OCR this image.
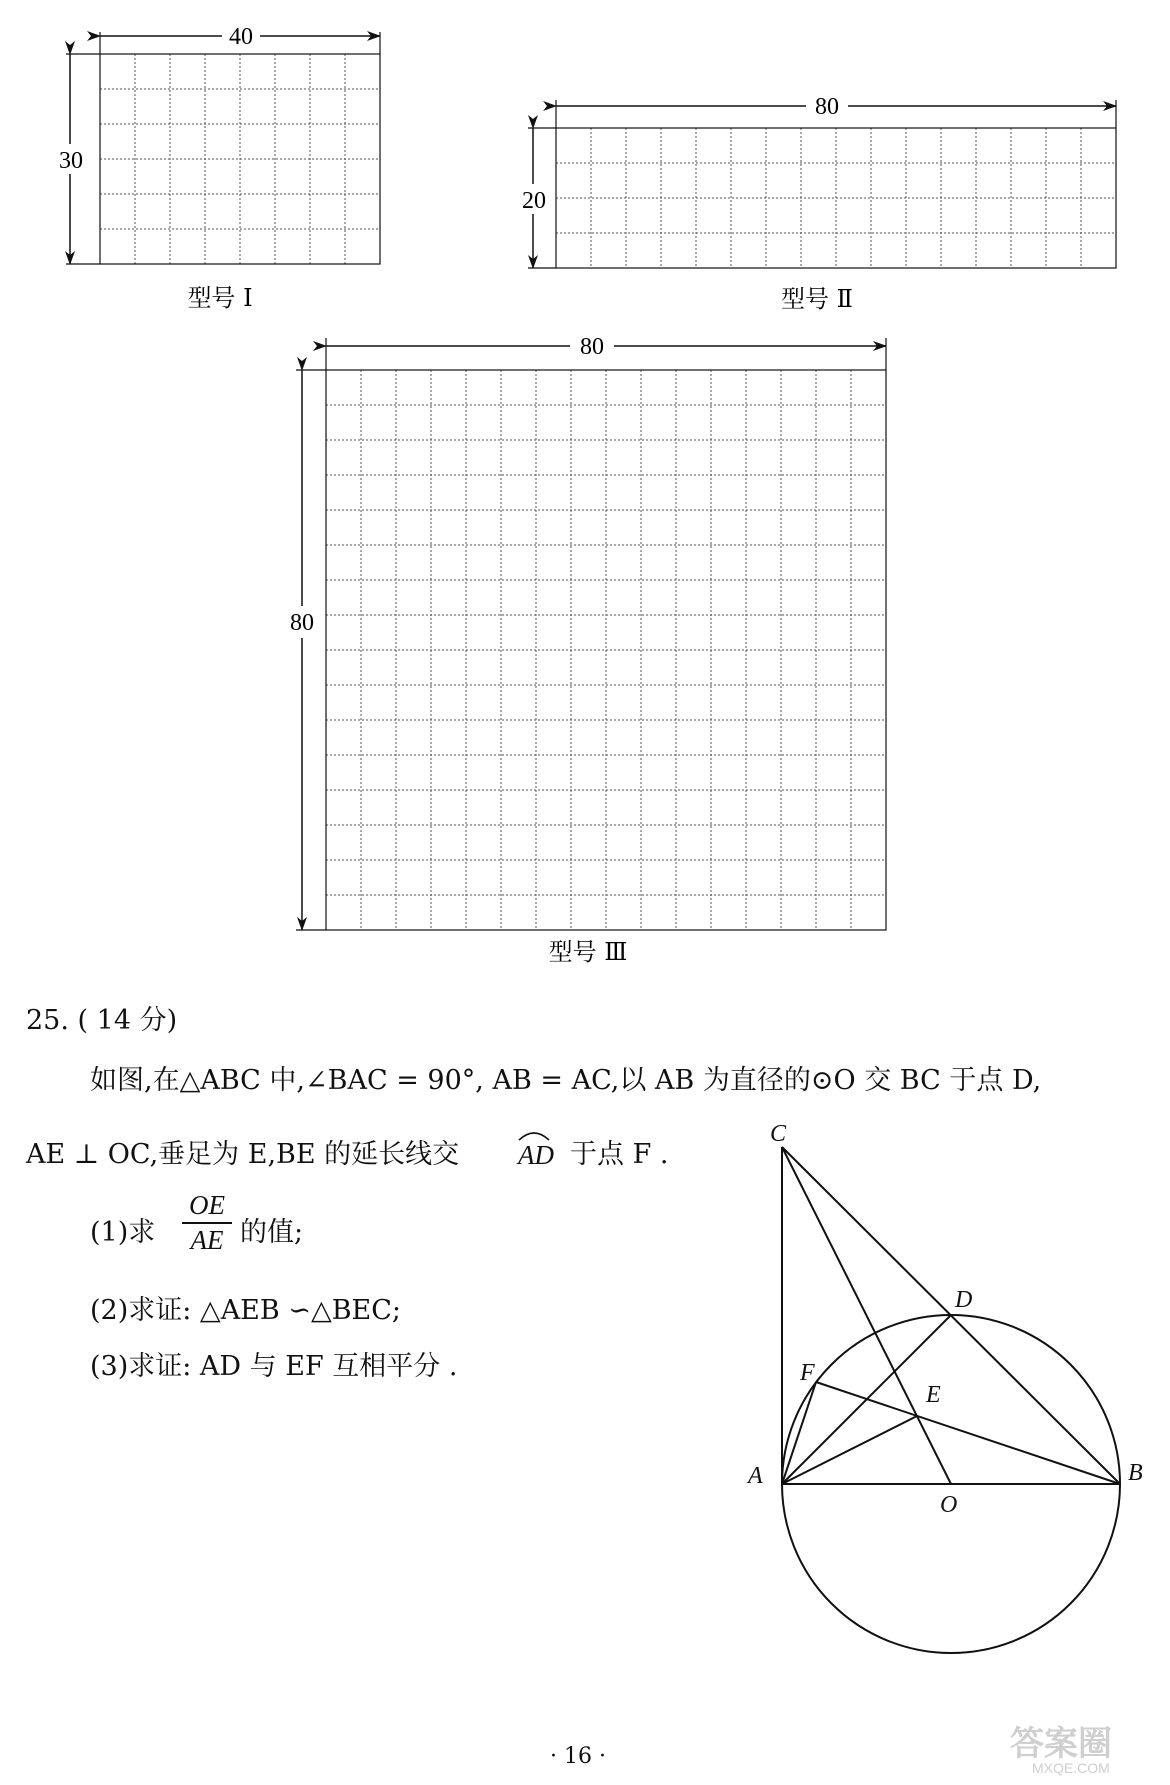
40
30
型号 Ⅰ
80
20
型号 Ⅱ
80
80
型号 Ⅲ
C
D
E
F
A	B
O
25. ( 14 分)
如图,在△ABC 中,∠BAC = 90°, AB = AC,以 AB 为直径的⊙O 交 BC 于点 D,
AE ⊥ OC,垂足为 E,BE 的延长线交 AD 于点 F .
(1)求 $\frac{OE}{AE}$ 的值;
(2)求证: △AEB ∽△BEC;
(3)求证: AD 与 EF 互相平分 .
· 16 ·	答案圈
MXQE.COM
